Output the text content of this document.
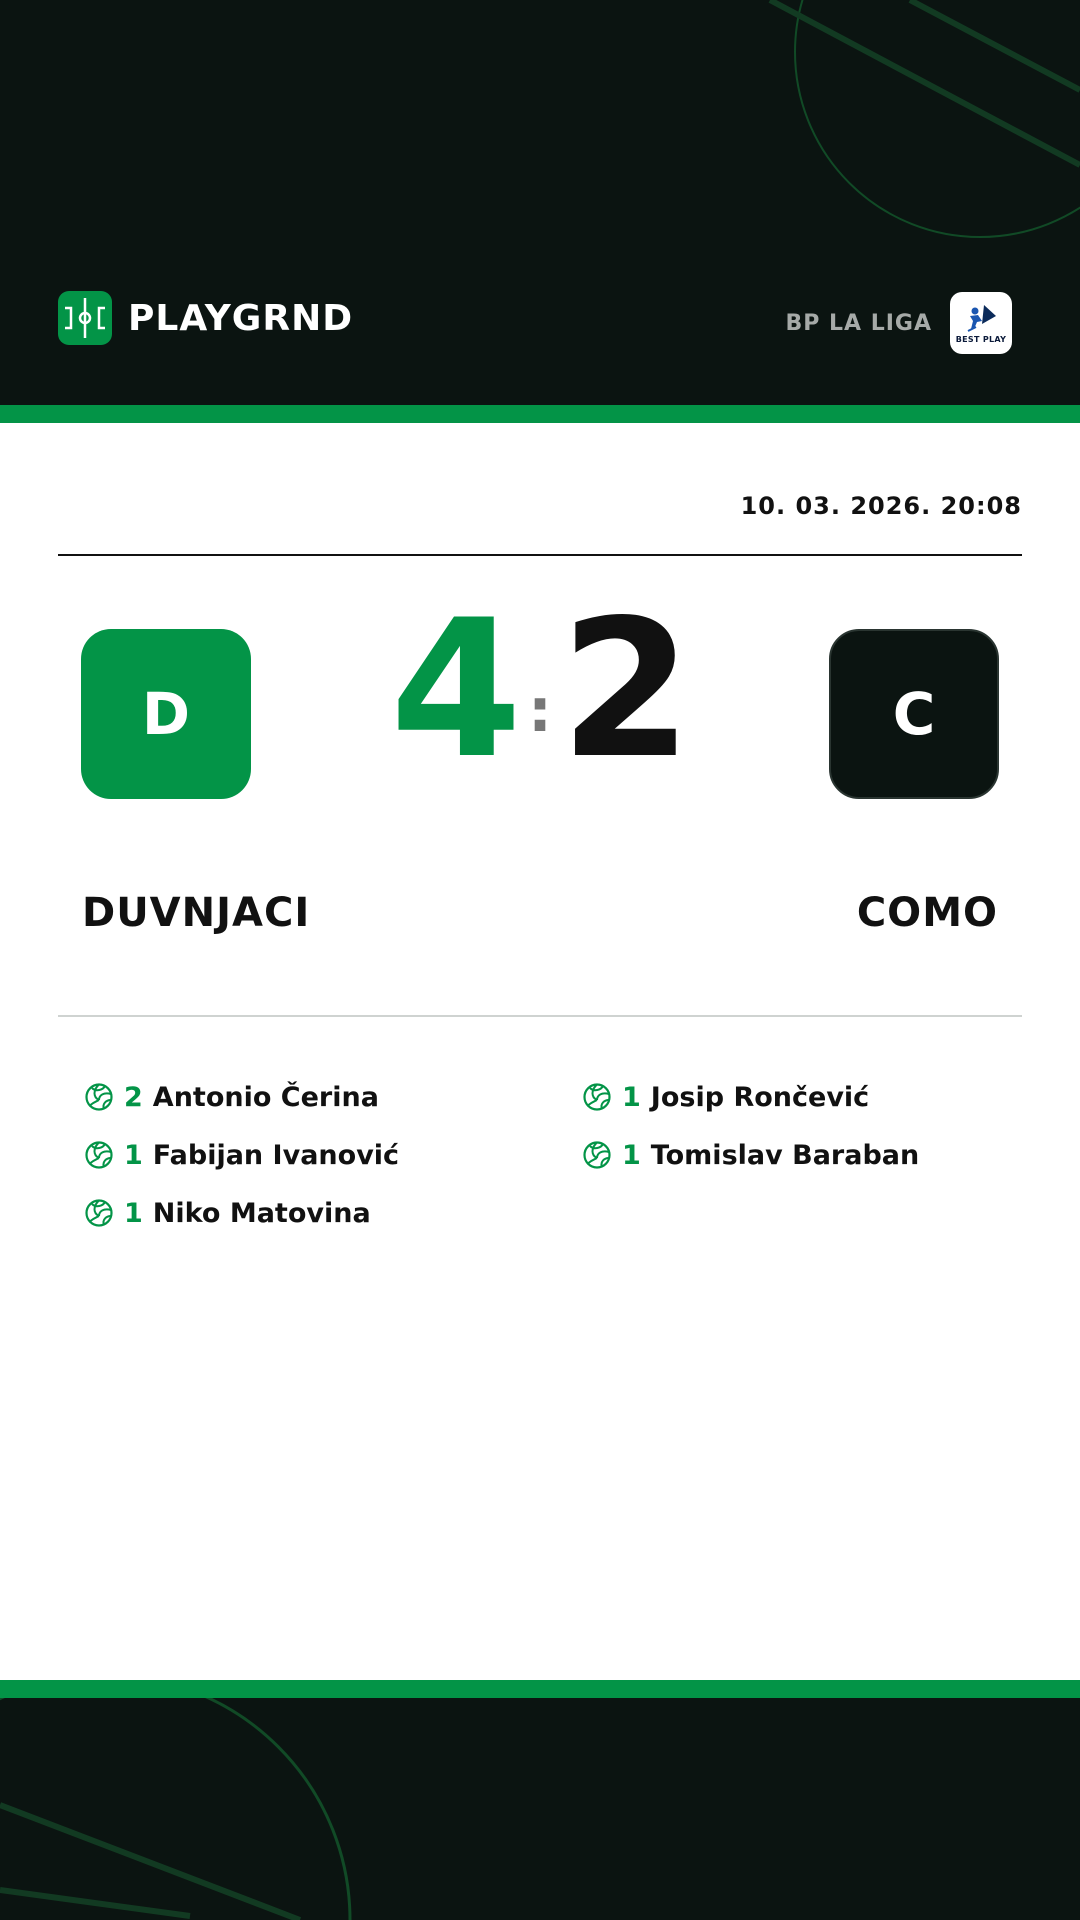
PLAYGRND	BP LA LIGA
BEST PLAY
10. 03. 2026. 20:08
D 4 : 2	C
DUVNJACI	COMO
2 Antonio Čerina
1 Fabijan Ivanović
1 Niko Matovina
1 Josip Rončević
1 Tomislav Baraban
